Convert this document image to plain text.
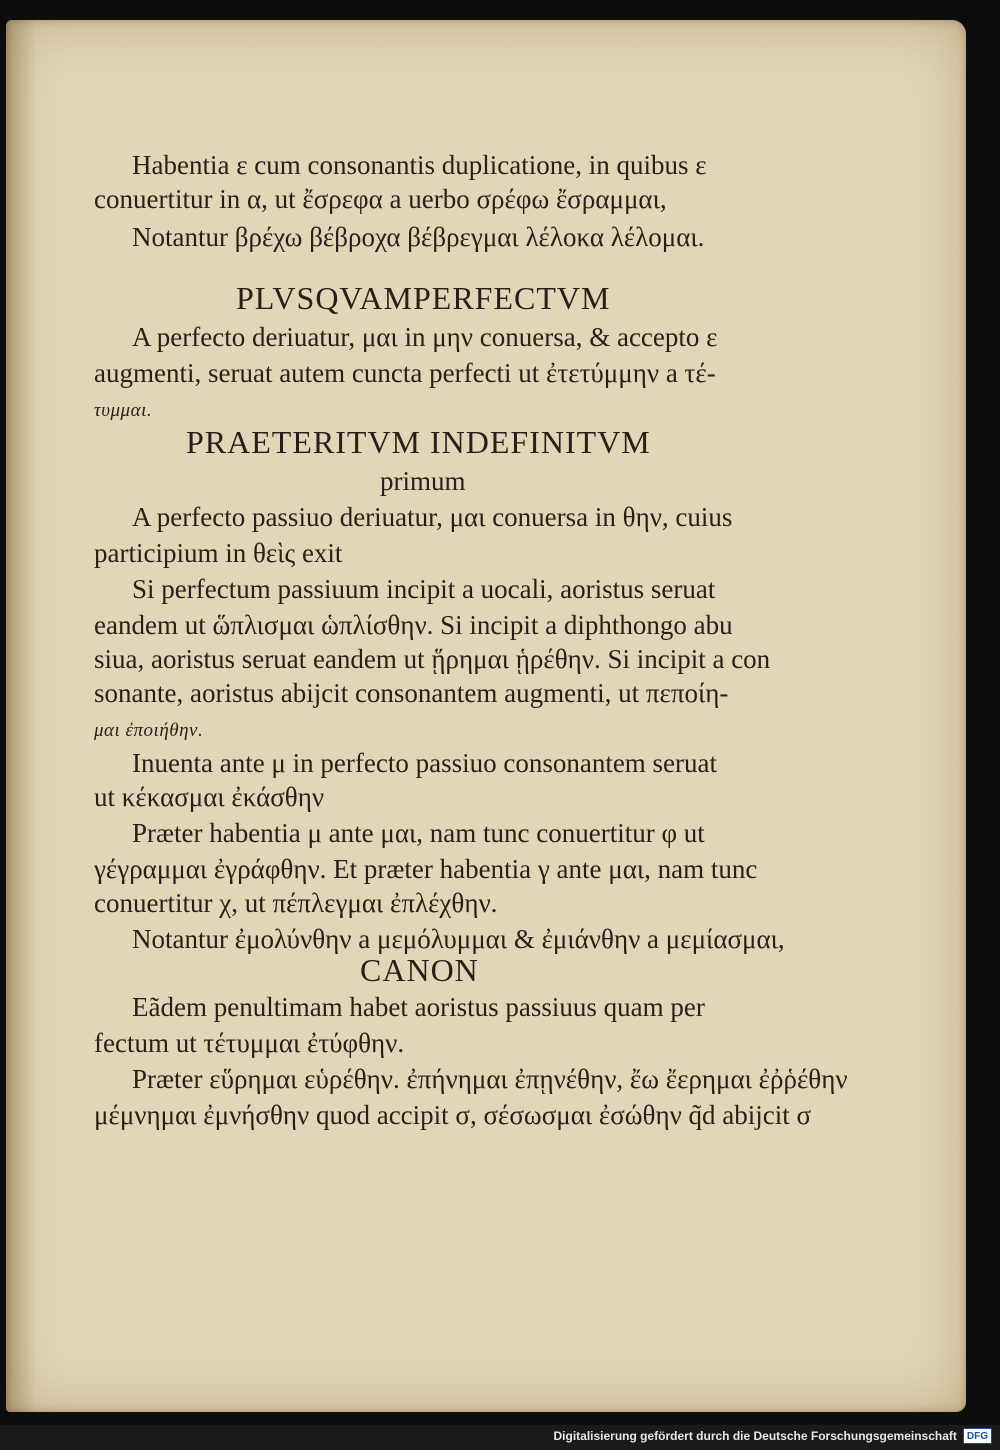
Habentia ε cum consonantis duplicatione, in quibus ε
conuertitur in α, ut ἔσρεφα a uerbo σρέφω ἔσραμμαι,
Notantur βρέχω βέβροχα βέβρεγμαι λέλοκα λέλομαι.
PLVSQVAMPERFECTVM
A perfecto deriuatur, μαι in μην conuersa, & accepto ε
augmenti, seruat autem cuncta perfecti ut ἐτετύμμην a τέ-
τυμμαι.
PRAETERITVM INDEFINITVM
primum
A perfecto passiuo deriuatur, μαι conuersa in θην, cuius
participium in θεὶς exit
Si perfectum passiuum incipit a uocali, aoristus seruat
eandem ut ὥπλισμαι ὡπλίσθην. Si incipit a diphthongo abu
siua, aoristus seruat eandem ut ᾕρημαι ᾑρέθην. Si incipit a con
sonante, aoristus abijcit consonantem augmenti, ut πεποίη-
μαι ἐποιήθην.
Inuenta ante μ in perfecto passiuo consonantem seruat
ut κέκασμαι ἐκάσθην
Præter habentia μ ante μαι, nam tunc conuertitur φ ut
γέγραμμαι ἐγράφθην. Et præter habentia γ ante μαι, nam tunc
conuertitur χ, ut πέπλεγμαι ἐπλέχθην.
Notantur ἐμολύνθην a μεμόλυμμαι & ἐμιάνθην a μεμίασμαι,
CANON
Eãdem penultimam habet aoristus passiuus quam per
fectum ut τέτυμμαι ἐτύφθην.
Præter εὕρημαι εὑρέθην. ἐπήνημαι ἐπῃνέθην, ἔω ἔερημαι ἐῤῥέθην
μέμνημαι ἐμνήσθην quod accipit σ, σέσωσμαι ἐσώθην q̃d abijcit σ
Digitalisierung gefördert durch die Deutsche Forschungsgemeinschaft	DFG
